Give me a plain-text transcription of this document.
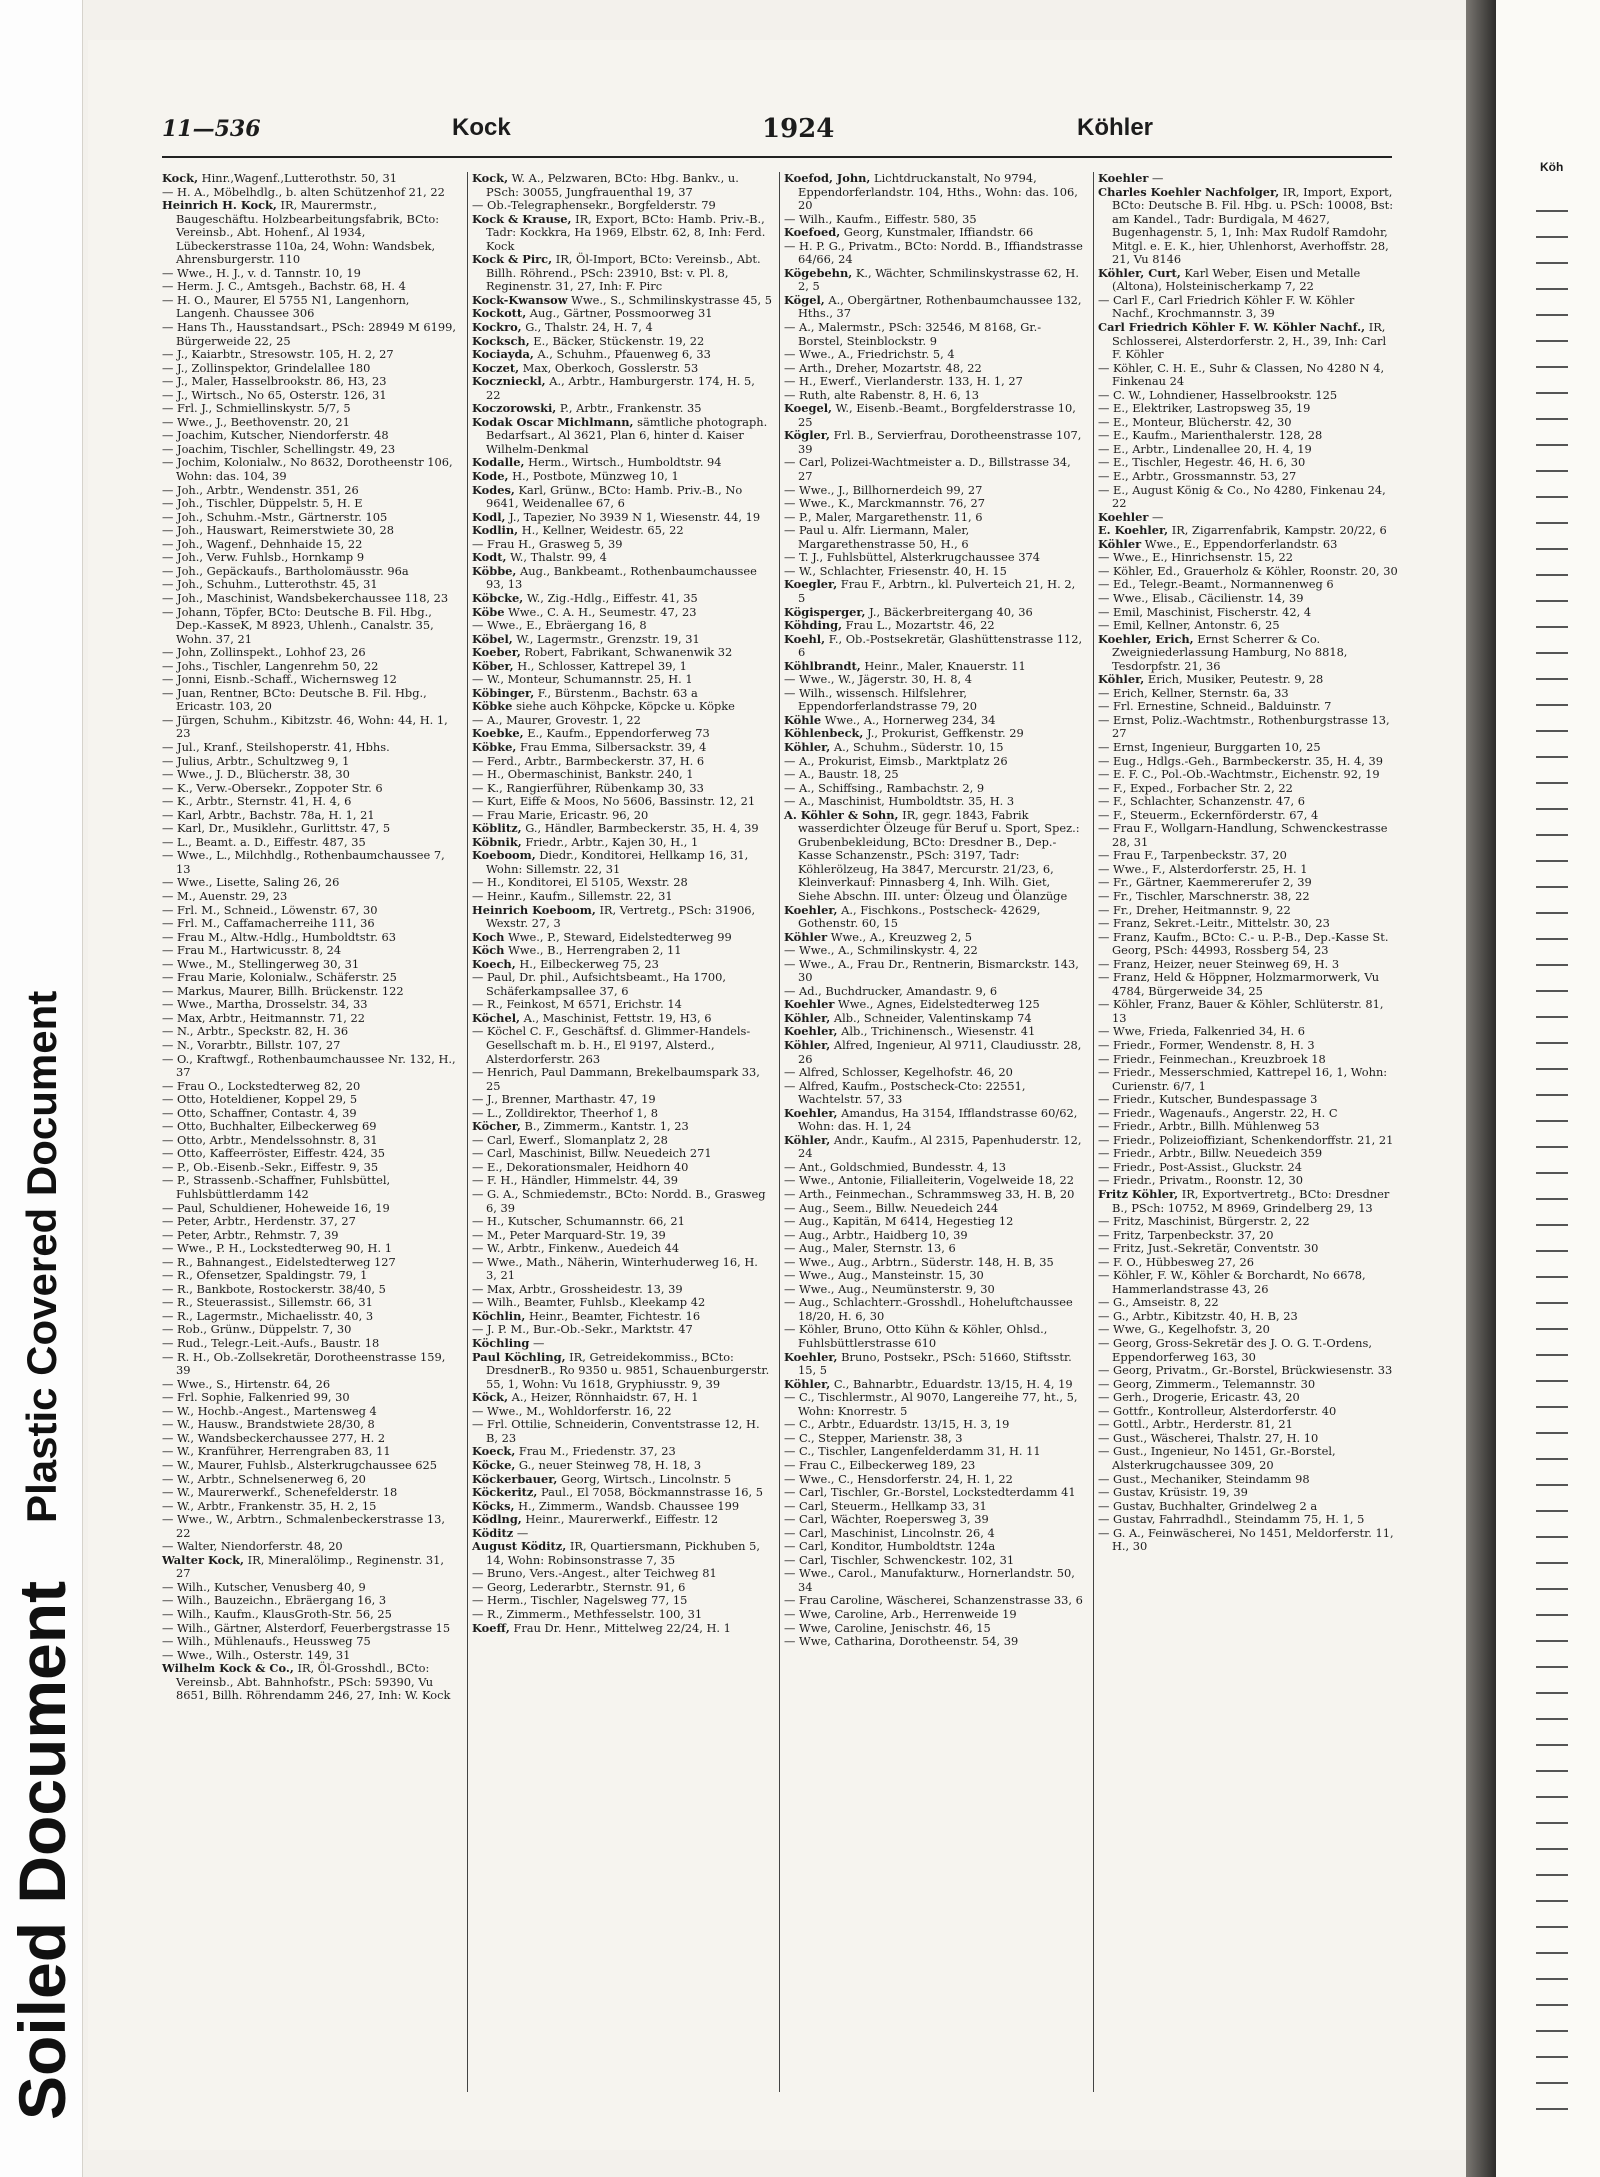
Soiled Document
Plastic Covered Document
Köh
11—536	Kock	1924	Köhler

Kock, Hinr.,Wagenf.,Lutterothstr. 50, 31

— H. A., Möbelhdlg., b. alten Schützenhof 21, 22

Heinrich H. Kock, IR, Maurermstr., Baugeschäftu. Holzbearbeitungsfabrik, BCto: Vereinsb., Abt. Hohenf., Al 1934, Lübeckerstrasse 110a, 24, Wohn: Wandsbek, Ahrensburgerstr. 110

— Wwe., H. J., v. d. Tannstr. 10, 19

— Herm. J. C., Amtsgeh., Bachstr. 68, H. 4

— H. O., Maurer, El 5755 N1, Langenhorn, Langenh. Chaussee 306

— Hans Th., Hausstandsart., PSch: 28949 M 6199, Bürgerweide 22, 25

— J., Kaiarbtr., Stresowstr. 105, H. 2, 27

— J., Zollinspektor, Grindelallee 180

— J., Maler, Hasselbrookstr. 86, H3, 23

— J., Wirtsch., No 65, Osterstr. 126, 31

— Frl. J., Schmiellinskystr. 5/7, 5

— Wwe., J., Beethovenstr. 20, 21

— Joachim, Kutscher, Niendorferstr. 48

— Joachim, Tischler, Schellingstr. 49, 23

— Jochim, Kolonialw., No 8632, Dorotheenstr 106, Wohn: das. 104, 39

— Joh., Arbtr., Wendenstr. 351, 26

— Joh., Tischler, Düppelstr. 5, H. E

— Joh., Schuhm.-Mstr., Gärtnerstr. 105

— Joh., Hauswart, Reimerstwiete 30, 28

— Joh., Wagenf., Dehnhaide 15, 22

— Joh., Verw. Fuhlsb., Hornkamp 9

— Joh., Gepäckaufs., Bartholomäusstr. 96a

— Joh., Schuhm., Lutterothstr. 45, 31

— Joh., Maschinist, Wandsbekerchaussee 118, 23

— Johann, Töpfer, BCto: Deutsche B. Fil. Hbg., Dep.-KasseK, M 8923, Uhlenh., Canalstr. 35, Wohn. 37, 21

— John, Zollinspekt., Lohhof 23, 26

— Johs., Tischler, Langenrehm 50, 22

— Jonni, Eisnb.-Schaff., Wichernsweg 12

— Juan, Rentner, BCto: Deutsche B. Fil. Hbg., Ericastr. 103, 20

— Jürgen, Schuhm., Kibitzstr. 46, Wohn: 44, H. 1, 23

— Jul., Kranf., Steilshoperstr. 41, Hbhs.

— Julius, Arbtr., Schultzweg 9, 1

— Wwe., J. D., Blücherstr. 38, 30

— K., Verw.-Obersekr., Zoppoter Str. 6

— K., Arbtr., Sternstr. 41, H. 4, 6

— Karl, Arbtr., Bachstr. 78a, H. 1, 21

— Karl, Dr., Musiklehr., Gurlittstr. 47, 5

— L., Beamt. a. D., Eiffestr. 487, 35

— Wwe., L., Milchhdlg., Rothenbaumchaussee 7, 13

— Wwe., Lisette, Saling 26, 26

— M., Auenstr. 29, 23

— Frl. M., Schneid., Löwenstr. 67, 30

— Frl. M., Caffamacherreihe 111, 36

— Frau M., Altw.-Hdlg., Humboldtstr. 63

— Frau M., Hartwicusstr. 8, 24

— Wwe., M., Stellingerweg 30, 31

— Frau Marie, Kolonialw., Schäferstr. 25

— Markus, Maurer, Billh. Brückenstr. 122

— Wwe., Martha, Drosselstr. 34, 33

— Max, Arbtr., Heitmannstr. 71, 22

— N., Arbtr., Speckstr. 82, H. 36

— N., Vorarbtr., Billstr. 107, 27

— O., Kraftwgf., Rothenbaumchaussee Nr. 132, H., 37

— Frau O., Lockstedterweg 82, 20

— Otto, Hoteldiener, Koppel 29, 5

— Otto, Schaffner, Contastr. 4, 39

— Otto, Buchhalter, Eilbeckerweg 69

— Otto, Arbtr., Mendelssohnstr. 8, 31

— Otto, Kaffeerröster, Eiffestr. 424, 35

— P., Ob.-Eisenb.-Sekr., Eiffestr. 9, 35

— P., Strassenb.-Schaffner, Fuhlsbüttel, Fuhlsbüttlerdamm 142

— Paul, Schuldiener, Hoheweide 16, 19

— Peter, Arbtr., Herdenstr. 37, 27

— Peter, Arbtr., Rehmstr. 7, 39

— Wwe., P. H., Lockstedterweg 90, H. 1

— R., Bahnangest., Eidelstedterweg 127

— R., Ofensetzer, Spaldingstr. 79, 1

— R., Bankbote, Rostockerstr. 38/40, 5

— R., Steuerassist., Sillemstr. 66, 31

— R., Lagermstr., Michaelisstr. 40, 3

— Rob., Grünw., Düppelstr. 7, 30

— Rud., Telegr.-Leit.-Aufs., Baustr. 18

— R. H., Ob.-Zollsekretär, Dorotheenstrasse 159, 39

— Wwe., S., Hirtenstr. 64, 26

— Frl. Sophie, Falkenried 99, 30

— W., Hochb.-Angest., Martensweg 4

— W., Hausw., Brandstwiete 28/30, 8

— W., Wandsbeckerchaussee 277, H. 2

— W., Kranführer, Herrengraben 83, 11

— W., Maurer, Fuhlsb., Alsterkrugchaussee 625

— W., Arbtr., Schnelsenerweg 6, 20

— W., Maurerwerkf., Schenefelderstr. 18

— W., Arbtr., Frankenstr. 35, H. 2, 15

— Wwe., W., Arbtrn., Schmalenbeckerstrasse 13, 22

— Walter, Niendorferstr. 48, 20

Walter Kock, IR, Mineralölimp., Reginenstr. 31, 27

— Wilh., Kutscher, Venusberg 40, 9

— Wilh., Bauzeichn., Ebräergang 16, 3

— Wilh., Kaufm., KlausGroth-Str. 56, 25

— Wilh., Gärtner, Alsterdorf, Feuerbergstrasse 15

— Wilh., Mühlenaufs., Heussweg 75

— Wwe., Wilh., Osterstr. 149, 31

Wilhelm Kock & Co., IR, Öl-Grosshdl., BCto: Vereinsb., Abt. Bahnhofstr., PSch: 59390, Vu 8651, Billh. Röhrendamm 246, 27, Inh: W. Kock

Kock, W. A., Pelzwaren, BCto: Hbg. Bankv., u. PSch: 30055, Jungfrauenthal 19, 37

— Ob.-Telegraphensekr., Borgfelderstr. 79

Kock & Krause, IR, Export, BCto: Hamb. Priv.-B., Tadr: Kockkra, Ha 1969, Elbstr. 62, 8, Inh: Ferd. Kock

Kock & Pirc, IR, Öl-Import, BCto: Vereinsb., Abt. Billh. Röhrend., PSch: 23910, Bst: v. Pl. 8, Reginenstr. 31, 27, Inh: F. Pirc

Kock-Kwansow Wwe., S., Schmilinskystrasse 45, 5

Kockott, Aug., Gärtner, Possmoorweg 31

Kockro, G., Thalstr. 24, H. 7, 4

Kocksch, E., Bäcker, Stückenstr. 19, 22

Kociayda, A., Schuhm., Pfauenweg 6, 33

Koczet, Max, Oberkoch, Gosslerstr. 53

Kocznieckl, A., Arbtr., Hamburgerstr. 174, H. 5, 22

Koczorowski, P., Arbtr., Frankenstr. 35

Kodak Oscar Michlmann, sämtliche photograph. Bedarfsart., Al 3621, Plan 6, hinter d. Kaiser Wilhelm-Denkmal

Kodalle, Herm., Wirtsch., Humboldtstr. 94

Kode, H., Postbote, Münzweg 10, 1

Kodes, Karl, Grünw., BCto: Hamb. Priv.-B., No 9641, Weidenallee 67, 6

Kodl, J., Tapezier, No 3939 N 1, Wiesenstr. 44, 19

Kodlin, H., Kellner, Weidestr. 65, 22

— Frau H., Grasweg 5, 39

Kodt, W., Thalstr. 99, 4

Köbbe, Aug., Bankbeamt., Rothenbaumchaussee 93, 13

Köbcke, W., Zig.-Hdlg., Eiffestr. 41, 35

Köbe Wwe., C. A. H., Seumestr. 47, 23

— Wwe., E., Ebräergang 16, 8

Köbel, W., Lagermstr., Grenzstr. 19, 31

Koeber, Robert, Fabrikant, Schwanenwik 32

Köber, H., Schlosser, Kattrepel 39, 1

— W., Monteur, Schumannstr. 25, H. 1

Köbinger, F., Bürstenm., Bachstr. 63 a

Köbke siehe auch Köhpcke, Köpcke u. Köpke

— A., Maurer, Grovestr. 1, 22

Koebke, E., Kaufm., Eppendorferweg 73

Köbke, Frau Emma, Silbersackstr. 39, 4

— Ferd., Arbtr., Barmbeckerstr. 37, H. 6

— H., Obermaschinist, Bankstr. 240, 1

— K., Rangierführer, Rübenkamp 30, 33

— Kurt, Eiffe & Moos, No 5606, Bassinstr. 12, 21

— Frau Marie, Ericastr. 96, 20

Köblitz, G., Händler, Barmbeckerstr. 35, H. 4, 39

Köbnik, Friedr., Arbtr., Kajen 30, H., 1

Koeboom, Diedr., Konditorei, Hellkamp 16, 31, Wohn: Sillemstr. 22, 31

— H., Konditorei, El 5105, Wexstr. 28

— Heinr., Kaufm., Sillemstr. 22, 31

Heinrich Koeboom, IR, Vertretg., PSch: 31906, Wexstr. 27, 3

Koch Wwe., P., Steward, Eidelstedterweg 99

Köch Wwe., B., Herrengraben 2, 11

Koech, H., Eilbeckerweg 75, 23

— Paul, Dr. phil., Aufsichtsbeamt., Ha 1700, Schäferkampsallee 37, 6

— R., Feinkost, M 6571, Erichstr. 14

Köchel, A., Maschinist, Fettstr. 19, H3, 6

— Köchel C. F., Geschäftsf. d. Glimmer-Handels-Gesellschaft m. b. H., El 9197, Alsterd., Alsterdorferstr. 263

— Henrich, Paul Dammann, Brekelbaumspark 33, 25

— J., Brenner, Marthastr. 47, 19

— L., Zolldirektor, Theerhof 1, 8

Köcher, B., Zimmerm., Kantstr. 1, 23

— Carl, Ewerf., Slomanplatz 2, 28

— Carl, Maschinist, Billw. Neuedeich 271

— E., Dekorationsmaler, Heidhorn 40

— F. H., Händler, Himmelstr. 44, 39

— G. A., Schmiedemstr., BCto: Nordd. B., Grasweg 6, 39

— H., Kutscher, Schumannstr. 66, 21

— M., Peter Marquard-Str. 19, 39

— W., Arbtr., Finkenw., Auedeich 44

— Wwe., Math., Näherin, Winterhuderweg 16, H. 3, 21

— Max, Arbtr., Grossheidestr. 13, 39

— Wilh., Beamter, Fuhlsb., Kleekamp 42

Köchlin, Heinr., Beamter, Fichtestr. 16

— J. P. M., Bur.-Ob.-Sekr., Marktstr. 47

Köchling —

Paul Köchling, IR, Getreidekommiss., BCto: DresdnerB., Ro 9350 u. 9851, Schauenburgerstr. 55, 1, Wohn: Vu 1618, Gryphiusstr. 9, 39

Köck, A., Heizer, Rönnhaidstr. 67, H. 1

— Wwe., M., Wohldorferstr. 16, 22

— Frl. Ottilie, Schneiderin, Conventstrasse 12, H. B, 23

Koeck, Frau M., Friedenstr. 37, 23

Köcke, G., neuer Steinweg 78, H. 18, 3

Köckerbauer, Georg, Wirtsch., Lincolnstr. 5

Köckeritz, Paul., El 7058, Böckmannstrasse 16, 5

Köcks, H., Zimmerm., Wandsb. Chaussee 199

Ködlng, Heinr., Maurerwerkf., Eiffestr. 12

Köditz —

August Köditz, IR, Quartiersmann, Pickhuben 5, 14, Wohn: Robinsonstrasse 7, 35

— Bruno, Vers.-Angest., alter Teichweg 81

— Georg, Lederarbtr., Sternstr. 91, 6

— Herm., Tischler, Nagelsweg 77, 15

— R., Zimmerm., Methfesselstr. 100, 31

Koeff, Frau Dr. Henr., Mittelweg 22/24, H. 1

Koefod, John, Lichtdruckanstalt, No 9794, Eppendorferlandstr. 104, Hths., Wohn: das. 106, 20

— Wilh., Kaufm., Eiffestr. 580, 35

Koefoed, Georg, Kunstmaler, Iffiandstr. 66

— H. P. G., Privatm., BCto: Nordd. B., Iffiandstrasse 64/66, 24

Kögebehn, K., Wächter, Schmilinskystrasse 62, H. 2, 5

Kögel, A., Obergärtner, Rothenbaumchaussee 132, Hths., 37

— A., Malermstr., PSch: 32546, M 8168, Gr.-Borstel, Steinblockstr. 9

— Wwe., A., Friedrichstr. 5, 4

— Arth., Dreher, Mozartstr. 48, 22

— H., Ewerf., Vierlanderstr. 133, H. 1, 27

— Ruth, alte Rabenstr. 8, H. 6, 13

Koegel, W., Eisenb.-Beamt., Borgfelderstrasse 10, 25

Kögler, Frl. B., Servierfrau, Dorotheenstrasse 107, 39

— Carl, Polizei-Wachtmeister a. D., Billstrasse 34, 27

— Wwe., J., Billhornerdeich 99, 27

— Wwe., K., Marckmannstr. 76, 27

— P., Maler, Margarethenstr. 11, 6

— Paul u. Alfr. Liermann, Maler, Margarethenstrasse 50, H., 6

— T. J., Fuhlsbüttel, Alsterkrugchaussee 374

— W., Schlachter, Friesenstr. 40, H. 15

Koegler, Frau F., Arbtrn., kl. Pulverteich 21, H. 2, 5

Kögisperger, J., Bäckerbreitergang 40, 36

Köhding, Frau L., Mozartstr. 46, 22

Koehl, F., Ob.-Postsekretär, Glashüttenstrasse 112, 6

Köhlbrandt, Heinr., Maler, Knauerstr. 11

— Wwe., W., Jägerstr. 30, H. 8, 4

— Wilh., wissensch. Hilfslehrer, Eppendorferlandstrasse 79, 20

Köhle Wwe., A., Hornerweg 234, 34

Köhlenbeck, J., Prokurist, Geffkenstr. 29

Köhler, A., Schuhm., Süderstr. 10, 15

— A., Prokurist, Eimsb., Marktplatz 26

— A., Baustr. 18, 25

— A., Schiffsing., Rambachstr. 2, 9

— A., Maschinist, Humboldtstr. 35, H. 3

A. Köhler & Sohn, IR, gegr. 1843, Fabrik wasserdichter Ölzeuge für Beruf u. Sport, Spez.: Grubenbekleidung, BCto: Dresdner B., Dep.-Kasse Schanzenstr., PSch: 3197, Tadr: Köhlerölzeug, Ha 3847, Mercurstr. 21/23, 6, Kleinverkauf: Pinnasberg 4, Inh. Wilh. Giet, Siehe Abschn. III. unter: Ölzeug und Ölanzüge

Koehler, A., Fischkons., Postscheck- 42629, Gothenstr. 60, 15

Köhler Wwe., A., Kreuzweg 2, 5

— Wwe., A., Schmilinskystr. 4, 22

— Wwe., A., Frau Dr., Rentnerin, Bismarckstr. 143, 30

— Ad., Buchdrucker, Amandastr. 9, 6

Koehler Wwe., Agnes, Eidelstedterweg 125

Köhler, Alb., Schneider, Valentinskamp 74

Koehler, Alb., Trichinensch., Wiesenstr. 41

Köhler, Alfred, Ingenieur, Al 9711, Claudiusstr. 28, 26

— Alfred, Schlosser, Kegelhofstr. 46, 20

— Alfred, Kaufm., Postscheck-Cto: 22551, Wachtelstr. 57, 33

Koehler, Amandus, Ha 3154, Ifflandstrasse 60/62, Wohn: das. H. 1, 24

Köhler, Andr., Kaufm., Al 2315, Papenhuderstr. 12, 24

— Ant., Goldschmied, Bundesstr. 4, 13

— Wwe., Antonie, Filialleiterin, Vogelweide 18, 22

— Arth., Feinmechan., Schrammsweg 33, H. B, 20

— Aug., Seem., Billw. Neuedeich 244

— Aug., Kapitän, M 6414, Hegestieg 12

— Aug., Arbtr., Haidberg 10, 39

— Aug., Maler, Sternstr. 13, 6

— Wwe., Aug., Arbtrn., Süderstr. 148, H. B, 35

— Wwe., Aug., Mansteinstr. 15, 30

— Wwe., Aug., Neumünsterstr. 9, 30

— Aug., Schlachterr.-Grosshdl., Hoheluftchaussee 18/20, H. 6, 30

— Köhler, Bruno, Otto Kühn & Köhler, Ohlsd., Fuhlsbüttlerstrasse 610

Koehler, Bruno, Postsekr., PSch: 51660, Stiftsstr. 15, 5

Köhler, C., Bahnarbtr., Eduardstr. 13/15, H. 4, 19

— C., Tischlermstr., Al 9070, Langereihe 77, ht., 5, Wohn: Knorrestr. 5

— C., Arbtr., Eduardstr. 13/15, H. 3, 19

— C., Stepper, Marienstr. 38, 3

— C., Tischler, Langenfelderdamm 31, H. 11

— Frau C., Eilbeckerweg 189, 23

— Wwe., C., Hensdorferstr. 24, H. 1, 22

— Carl, Tischler, Gr.-Borstel, Lockstedterdamm 41

— Carl, Steuerm., Hellkamp 33, 31

— Carl, Wächter, Roepersweg 3, 39

— Carl, Maschinist, Lincolnstr. 26, 4

— Carl, Konditor, Humboldtstr. 124a

— Carl, Tischler, Schwenckestr. 102, 31

— Wwe., Carol., Manufakturw., Hornerlandstr. 50, 34

— Frau Caroline, Wäscherei, Schanzenstrasse 33, 6

— Wwe, Caroline, Arb., Herrenweide 19

— Wwe, Caroline, Jenischstr. 46, 15

— Wwe, Catharina, Dorotheenstr. 54, 39

Koehler —

Charles Koehler Nachfolger, IR, Import, Export, BCto: Deutsche B. Fil. Hbg. u. PSch: 10008, Bst: am Kandel., Tadr: Burdigala, M 4627, Bugenhagenstr. 5, 1, Inh: Max Rudolf Ramdohr, Mitgl. e. E. K., hier, Uhlenhorst, Averhoffstr. 28, 21, Vu 8146

Köhler, Curt, Karl Weber, Eisen und Metalle (Altona), Holsteinischerkamp 7, 22

— Carl F., Carl Friedrich Köhler F. W. Köhler Nachf., Krochmannstr. 3, 39

Carl Friedrich Köhler F. W. Köhler Nachf., IR, Schlosserei, Alsterdorferstr. 2, H., 39, Inh: Carl F. Köhler

— Köhler, C. H. E., Suhr & Classen, No 4280 N 4, Finkenau 24

— C. W., Lohndiener, Hasselbrookstr. 125

— E., Elektriker, Lastropsweg 35, 19

— E., Monteur, Blücherstr. 42, 30

— E., Kaufm., Marienthalerstr. 128, 28

— E., Arbtr., Lindenallee 20, H. 4, 19

— E., Tischler, Hegestr. 46, H. 6, 30

— E., Arbtr., Grossmannstr. 53, 27

— E., August König & Co., No 4280, Finkenau 24, 22

Koehler —

E. Koehler, IR, Zigarrenfabrik, Kampstr. 20/22, 6

Köhler Wwe., E., Eppendorferlandstr. 63

— Wwe., E., Hinrichsenstr. 15, 22

— Köhler, Ed., Grauerholz & Köhler, Roonstr. 20, 30

— Ed., Telegr.-Beamt., Normannenweg 6

— Wwe., Elisab., Cäcilienstr. 14, 39

— Emil, Maschinist, Fischerstr. 42, 4

— Emil, Kellner, Antonstr. 6, 25

Koehler, Erich, Ernst Scherrer & Co. Zweigniederlassung Hamburg, No 8818, Tesdorpfstr. 21, 36

Köhler, Erich, Musiker, Peutestr. 9, 28

— Erich, Kellner, Sternstr. 6a, 33

— Frl. Ernestine, Schneid., Balduinstr. 7

— Ernst, Poliz.-Wachtmstr., Rothenburgstrasse 13, 27

— Ernst, Ingenieur, Burggarten 10, 25

— Eug., Hdlgs.-Geh., Barmbeckerstr. 35, H. 4, 39

— E. F. C., Pol.-Ob.-Wachtmstr., Eichenstr. 92, 19

— F., Exped., Forbacher Str. 2, 22

— F., Schlachter, Schanzenstr. 47, 6

— F., Steuerm., Eckernförderstr. 67, 4

— Frau F., Wollgarn-Handlung, Schwenckestrasse 28, 31

— Frau F., Tarpenbeckstr. 37, 20

— Wwe., F., Alsterdorferstr. 25, H. 1

— Fr., Gärtner, Kaemmererufer 2, 39

— Fr., Tischler, Marschnerstr. 38, 22

— Fr., Dreher, Heitmannstr. 9, 22

— Franz, Sekret.-Leitr., Mittelstr. 30, 23

— Franz, Kaufm., BCto: C.- u. P.-B., Dep.-Kasse St. Georg, PSch: 44993, Rossberg 54, 23

— Franz, Heizer, neuer Steinweg 69, H. 3

— Franz, Held & Höppner, Holzmarmorwerk, Vu 4784, Bürgerweide 34, 25

— Köhler, Franz, Bauer & Köhler, Schlüterstr. 81, 13

— Wwe, Frieda, Falkenried 34, H. 6

— Friedr., Former, Wendenstr. 8, H. 3

— Friedr., Feinmechan., Kreuzbroek 18

— Friedr., Messerschmied, Kattrepel 16, 1, Wohn: Curienstr. 6/7, 1

— Friedr., Kutscher, Bundespassage 3

— Friedr., Wagenaufs., Angerstr. 22, H. C

— Friedr., Arbtr., Billh. Mühlenweg 53

— Friedr., Polizeioffiziant, Schenkendorffstr. 21, 21

— Friedr., Arbtr., Billw. Neuedeich 359

— Friedr., Post-Assist., Gluckstr. 24

— Friedr., Privatm., Roonstr. 12, 30

Fritz Köhler, IR, Exportvertretg., BCto: Dresdner B., PSch: 10752, M 8969, Grindelberg 29, 13

— Fritz, Maschinist, Bürgerstr. 2, 22

— Fritz, Tarpenbeckstr. 37, 20

— Fritz, Just.-Sekretär, Conventstr. 30

— F. O., Hübbesweg 27, 26

— Köhler, F. W., Köhler & Borchardt, No 6678, Hammerlandstrasse 43, 26

— G., Amseistr. 8, 22

— G., Arbtr., Kibitzstr. 40, H. B, 23

— Wwe, G., Kegelhofstr. 3, 20

— Georg, Gross-Sekretär des J. O. G. T.-Ordens, Eppendorferweg 163, 30

— Georg, Privatm., Gr.-Borstel, Brückwiesenstr. 33

— Georg, Zimmerm., Telemannstr. 30

— Gerh., Drogerie, Ericastr. 43, 20

— Gottfr., Kontrolleur, Alsterdorferstr. 40

— Gottl., Arbtr., Herderstr. 81, 21

— Gust., Wäscherei, Thalstr. 27, H. 10

— Gust., Ingenieur, No 1451, Gr.-Borstel, Alsterkrugchaussee 309, 20

— Gust., Mechaniker, Steindamm 98

— Gustav, Krüsistr. 19, 39

— Gustav, Buchhalter, Grindelweg 2 a

— Gustav, Fahrradhdl., Steindamm 75, H. 1, 5

— G. A., Feinwäscherei, No 1451, Meldorferstr. 11, H., 30
